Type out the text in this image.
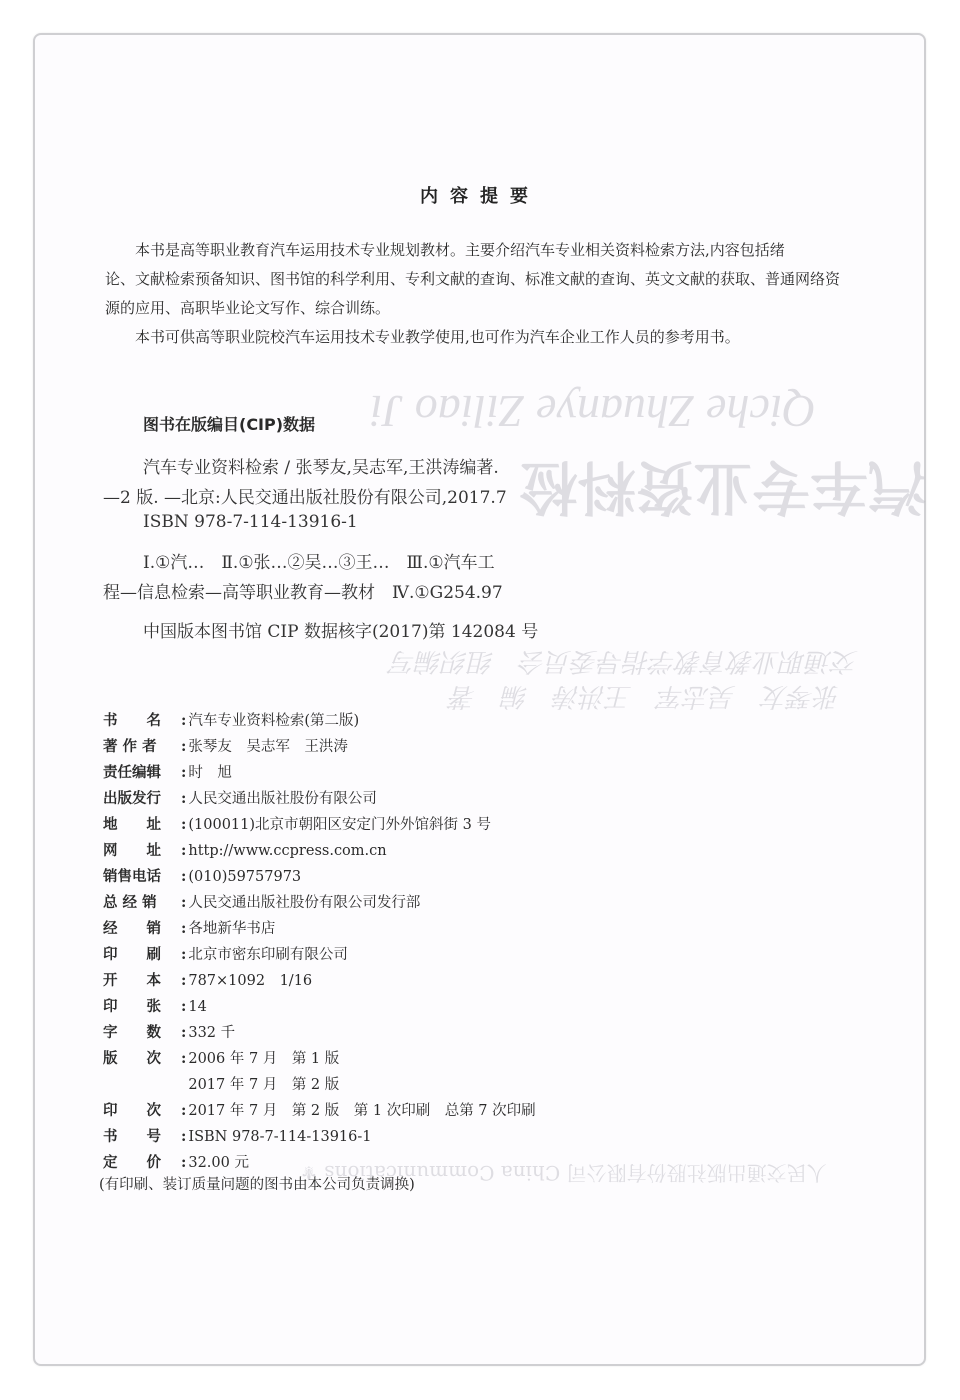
Qiche Zhuanye Ziliao Ji
汽车专业资料检
交通职业教育教学指导委员会　组织编写
张琴友　吴志军　王洪涛　编　著
人民交通出版社股份有限公司 China Communications ⚜
内容提要

本书是高等职业教育汽车运用技术专业规划教材。主要介绍汽车专业相关资料检索方法,内容包括绪

论、文献检索预备知识、图书馆的科学利用、专利文献的查询、标准文献的查询、英文文献的获取、普通网络资

源的应用、高职毕业论文写作、综合训练。

本书可供高等职业院校汽车运用技术专业教学使用,也可作为汽车企业工作人员的参考用书。

图书在版编目(CIP)数据
汽车专业资料检索 / 张琴友,吴志军,王洪涛编著.
—2 版. —北京:人民交通出版社股份有限公司,2017.7
ISBN 978-7-114-13916-1
Ⅰ.①汽…　Ⅱ.①张…②吴…③王…　Ⅲ.①汽车工
程—信息检索—高等职业教育—教材　Ⅳ.①G254.97
中国版本图书馆 CIP 数据核字(2017)第 142084 号
书　　名 : 汽车专业资料检索(第二版)
著 作 者 : 张琴友　吴志军　王洪涛
责任编辑 : 时　旭
出版发行 : 人民交通出版社股份有限公司
地　　址 : (100011)北京市朝阳区安定门外外馆斜街 3 号
网　　址 : http://www.ccpress.com.cn
销售电话 : (010)59757973
总 经 销 : 人民交通出版社股份有限公司发行部
经　　销 : 各地新华书店
印　　刷 : 北京市密东印刷有限公司
开　　本 : 787×1092　1/16
印　　张 : 14
字　　数 : 332 千
版　　次 : 2006 年 7 月　第 1 版
2017 年 7 月　第 2 版
印　　次 : 2017 年 7 月　第 2 版　第 1 次印刷　总第 7 次印刷
书　　号 : ISBN 978-7-114-13916-1
定　　价 : 32.00 元
(有印刷、装订质量问题的图书由本公司负责调换)
